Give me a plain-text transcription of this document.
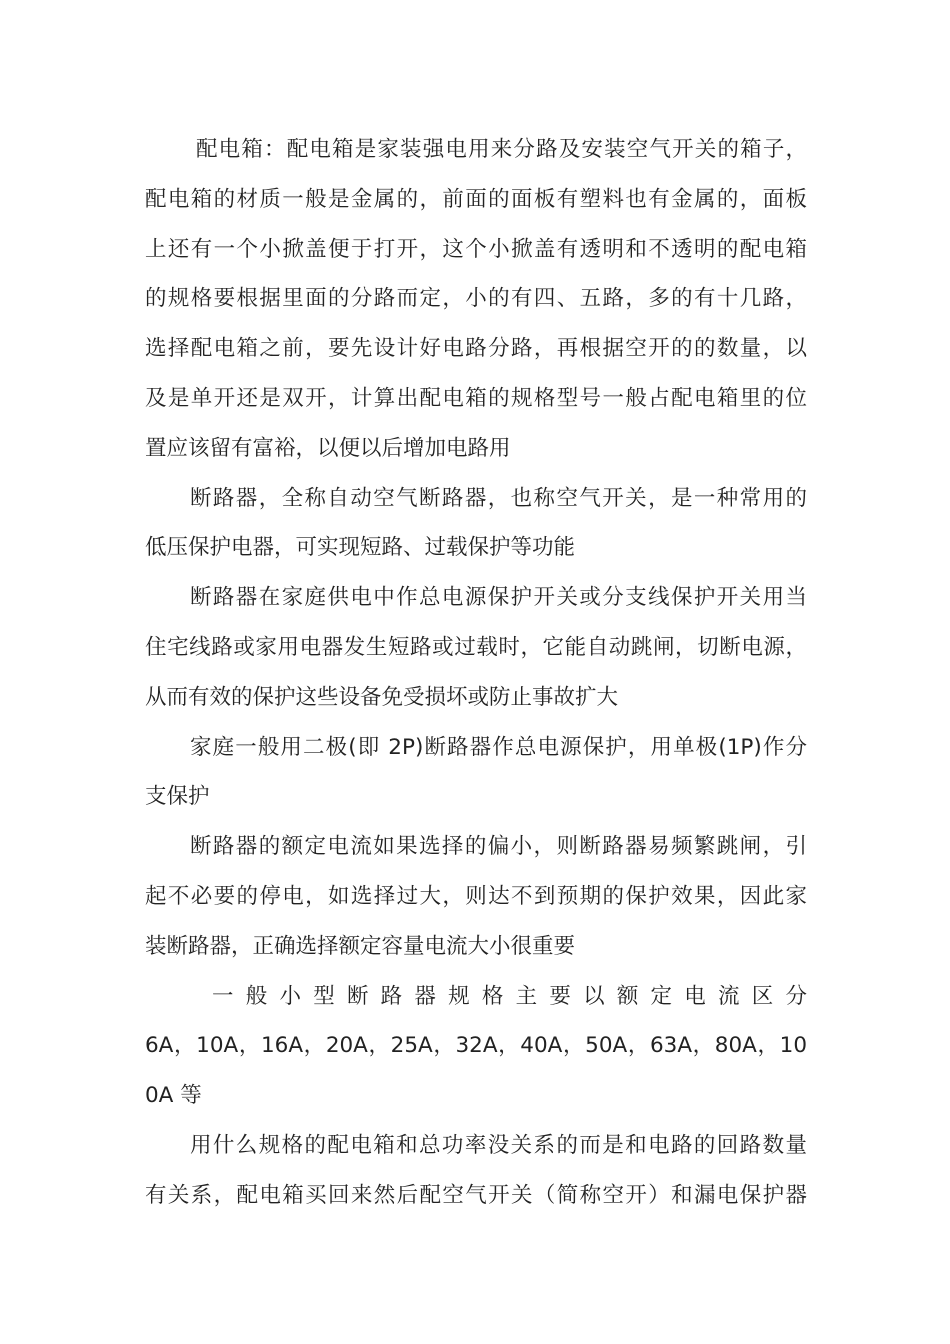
配电箱：配电箱是家装强电用来分路及安装空气开关的箱子，
配电箱的材质一般是金属的，前面的面板有塑料也有金属的，面板
上还有一个小掀盖便于打开，这个小掀盖有透明和不透明的配电箱
的规格要根据里面的分路而定，小的有四、五路，多的有十几路，
选择配电箱之前，要先设计好电路分路，再根据空开的的数量，以
及是单开还是双开，计算出配电箱的规格型号一般占配电箱里的位
置应该留有富裕，以便以后增加电路用
断路器，全称自动空气断路器，也称空气开关，是一种常用的
低压保护电器，可实现短路、过载保护等功能
断路器在家庭供电中作总电源保护开关或分支线保护开关用当
住宅线路或家用电器发生短路或过载时，它能自动跳闸，切断电源，
从而有效的保护这些设备免受损坏或防止事故扩大
家庭一般用二极(即 2P)断路器作总电源保护，用单极(1P)作分
支保护
断路器的额定电流如果选择的偏小，则断路器易频繁跳闸，引
起不必要的停电，如选择过大，则达不到预期的保护效果，因此家
装断路器，正确选择额定容量电流大小很重要
一 般 小 型 断 路 器 规 格 主 要 以 额 定 电 流 区 分
6A，10A，16A，20A，25A，32A，40A，50A，63A，80A，10
0A 等
用什么规格的配电箱和总功率没关系的而是和电路的回路数量
有关系，配电箱买回来然后配空气开关（简称空开）和漏电保护器
